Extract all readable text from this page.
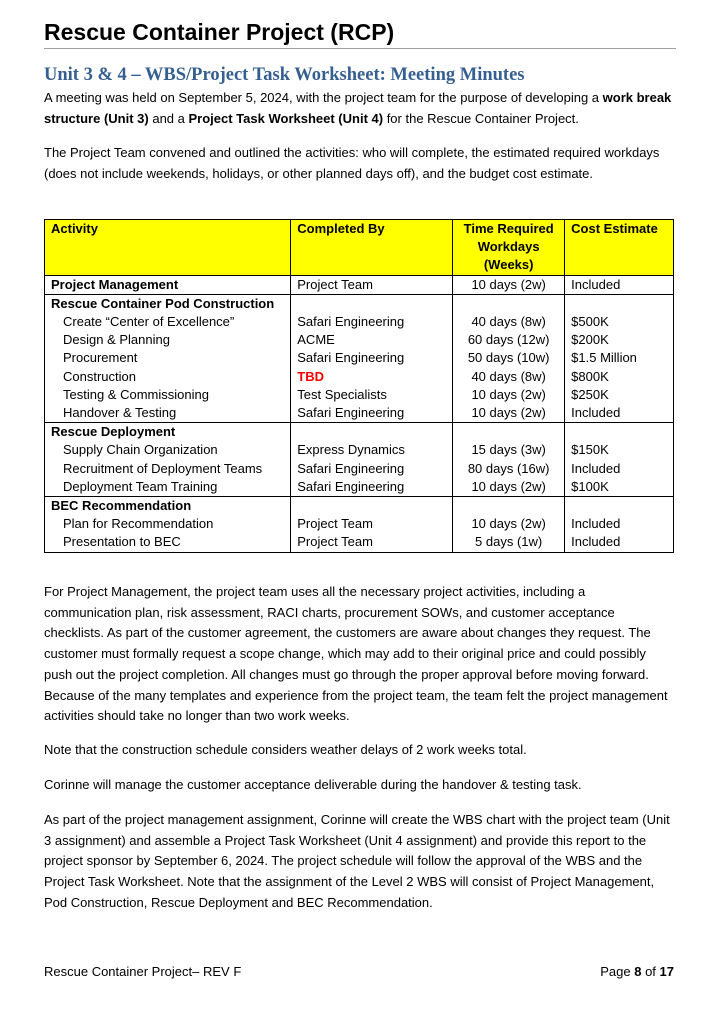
Rescue Container Project (RCP)
Unit 3 & 4 – WBS/Project Task Worksheet: Meeting Minutes

A meeting was held on September 5, 2024, with the project team for the purpose of developing a work break structure (Unit 3) and a Project Task Worksheet (Unit 4) for the Rescue Container Project.

The Project Team convened and outlined the activities: who will complete, the estimated required workdays (does not include weekends, holidays, or other planned days off), and the budget cost estimate.

Activity	Completed By	Time Required Workdays (Weeks)	Cost Estimate
Project Management	Project Team	10 days (2w)	Included
Rescue Container Pod Construction			
Create “Center of Excellence”	Safari Engineering	40 days (8w)	$500K
Design & Planning	ACME	60 days (12w)	$200K
Procurement	Safari Engineering	50 days (10w)	$1.5 Million
Construction	TBD	40 days (8w)	$800K
Testing & Commissioning	Test Specialists	10 days (2w)	$250K
Handover & Testing	Safari Engineering	10 days (2w)	Included
Rescue Deployment			
Supply Chain Organization	Express Dynamics	15 days (3w)	$150K
Recruitment of Deployment Teams	Safari Engineering	80 days (16w)	Included
Deployment Team Training	Safari Engineering	10 days (2w)	$100K
BEC Recommendation			
Plan for Recommendation	Project Team	10 days (2w)	Included
Presentation to BEC	Project Team	5 days (1w)	Included

For Project Management, the project team uses all the necessary project activities, including a communication plan, risk assessment, RACI charts, procurement SOWs, and customer acceptance checklists. As part of the customer agreement, the customers are aware about changes they request. The customer must formally request a scope change, which may add to their original price and could possibly push out the project completion. All changes must go through the proper approval before moving forward. Because of the many templates and experience from the project team, the team felt the project management activities should take no longer than two work weeks.

Note that the construction schedule considers weather delays of 2 work weeks total.

Corinne will manage the customer acceptance deliverable during the handover & testing task.

As part of the project management assignment, Corinne will create the WBS chart with the project team (Unit 3 assignment) and assemble a Project Task Worksheet (Unit 4 assignment) and provide this report to the project sponsor by September 6, 2024. The project schedule will follow the approval of the WBS and the Project Task Worksheet. Note that the assignment of the Level 2 WBS will consist of Project Management, Pod Construction, Rescue Deployment and BEC Recommendation.

Rescue Container Project– REV F	Page 8 of 17
